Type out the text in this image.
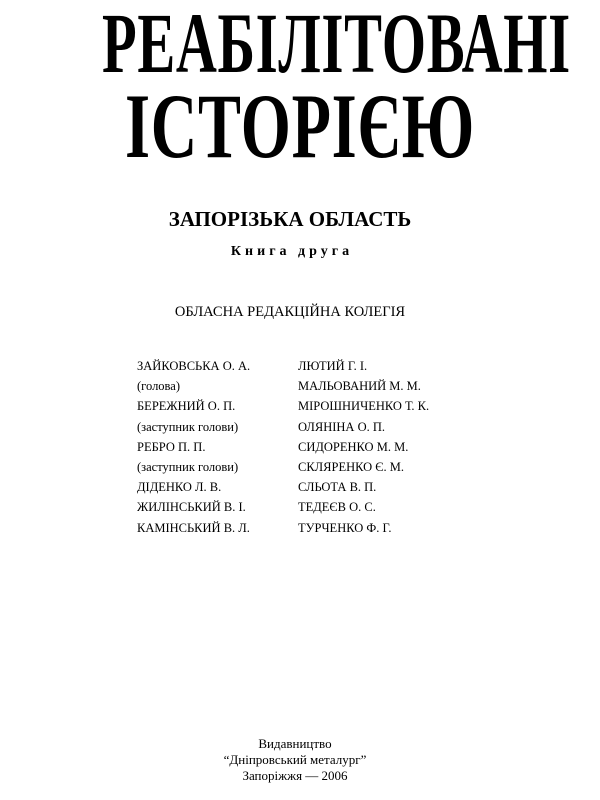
РЕАБІЛІТОВАНІ
ІСТОРІЄЮ
ЗАПОРІЗЬКА ОБЛАСТЬ
Книга друга
ОБЛАСНА РЕДАКЦІЙНА КОЛЕГІЯ
ЗАЙКОВСЬКА О. А.
(голова)
БЕРЕЖНИЙ О. П.
(заступник голови)
РЕБРО П. П.
(заступник голови)
ДІДЕНКО Л. В.
ЖИЛІНСЬКИЙ В. І.
КАМІНСЬКИЙ В. Л.
ЛЮТИЙ Г. І.
МАЛЬОВАНИЙ М. М.
МІРОШНИЧЕНКО Т. К.
ОЛЯНІНА О. П.
СИДОРЕНКО М. М.
СКЛЯРЕНКО Є. М.
СЛЬОТА В. П.
ТЕДЕЄВ О. С.
ТУРЧЕНКО Ф. Г.
Видавництво
“Дніпровський металург”
Запоріжжя — 2006
